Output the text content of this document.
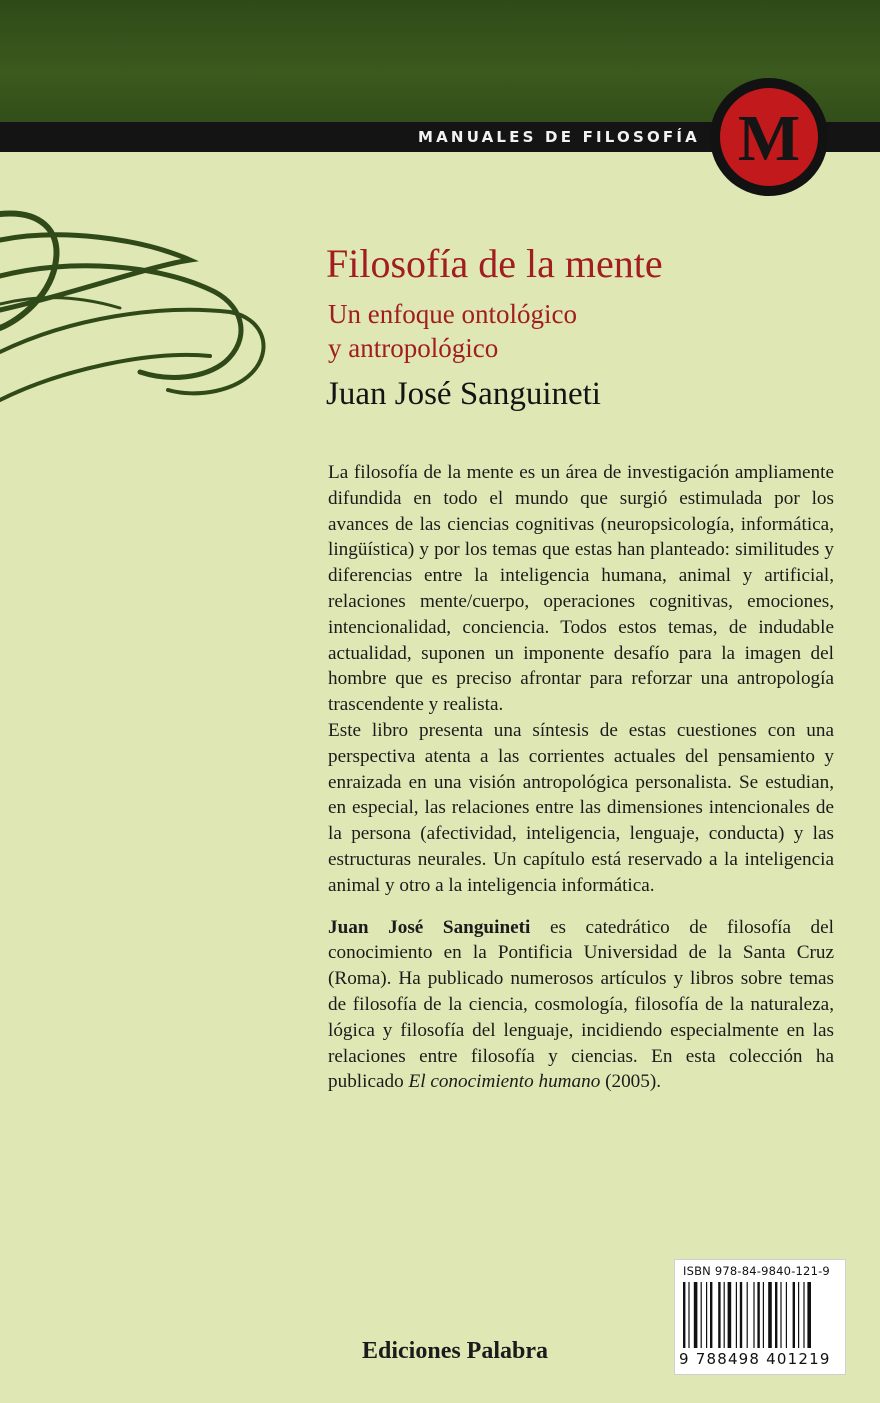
MANUALES DE FILOSOFÍA M
Filosofía de la mente
Un enfoque ontológico
y antropológico
Juan José Sanguineti

La filosofía de la mente es un área de investigación ampliamente difundida en todo el mundo que surgió estimulada por los avances de las ciencias cognitivas (neuropsicología, informática, lingüística) y por los temas que estas han planteado: similitudes y diferencias entre la inteligencia humana, animal y artificial, relaciones mente/cuerpo, operaciones cognitivas, emociones, intencionalidad, conciencia. Todos estos temas, de indudable actualidad, suponen un imponente desafío para la imagen del hombre que es preciso afrontar para reforzar una antropología trascendente y realista.

Este libro presenta una síntesis de estas cuestiones con una perspectiva atenta a las corrientes actuales del pensamiento y enraizada en una visión antropológica personalista. Se estudian, en especial, las relaciones entre las dimensiones intencionales de la persona (afectividad, inteligencia, lenguaje, conducta) y las estructuras neurales. Un capítulo está reservado a la inteligencia animal y otro a la inteligencia informática.

Juan José Sanguineti es catedrático de filosofía del conocimiento en la Pontificia Universidad de la Santa Cruz (Roma). Ha publicado numerosos artículos y libros sobre temas de filosofía de la ciencia, cosmología, filosofía de la naturaleza, lógica y filosofía del lenguaje, incidiendo especialmente en las relaciones entre filosofía y ciencias. En esta colección ha publicado El conocimiento humano (2005).

ISBN 978-84-9840-121-9
9 788498 401219
Ediciones Palabra
